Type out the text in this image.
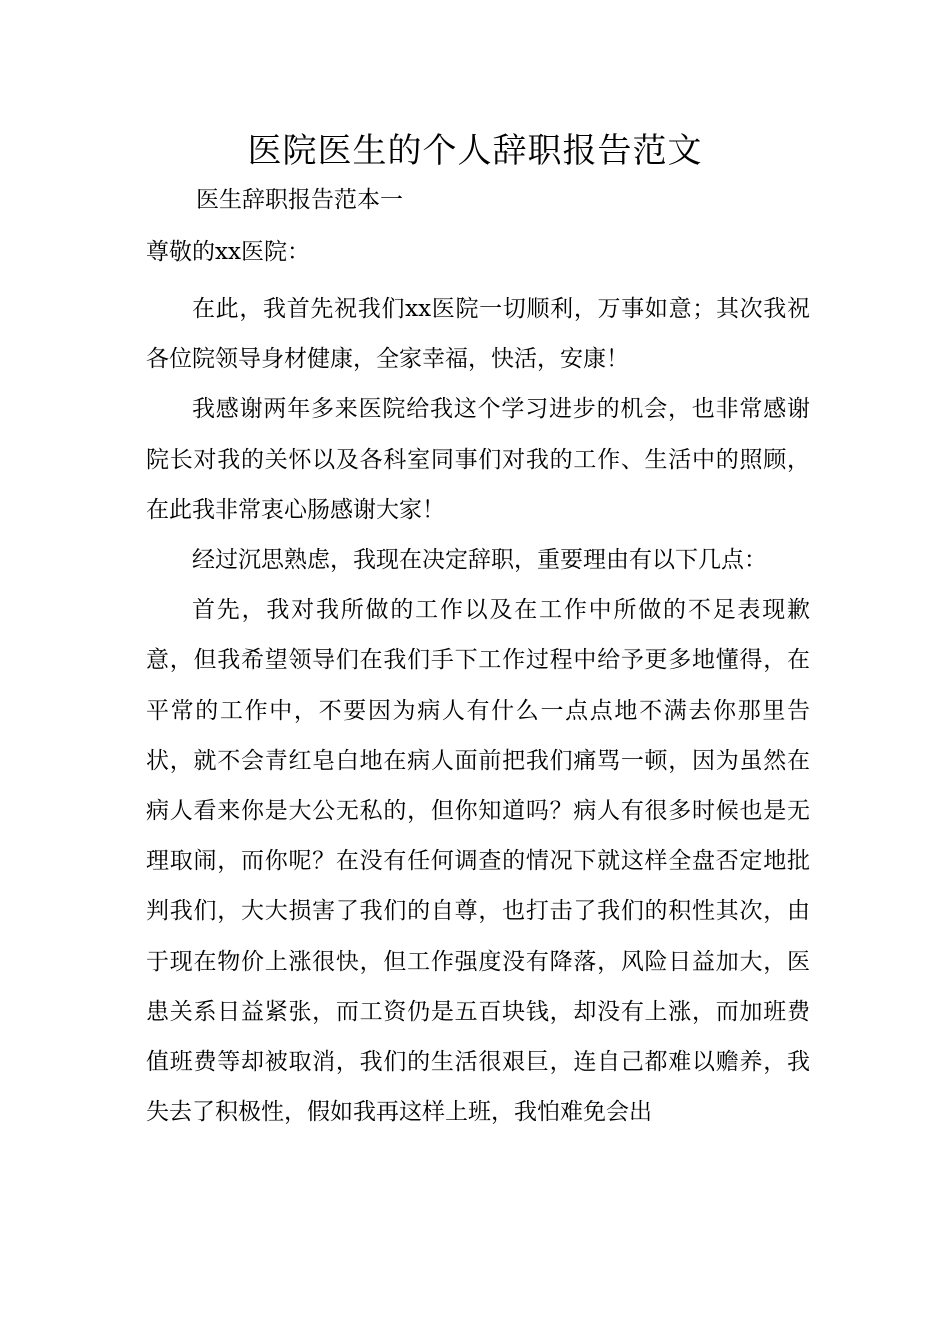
医院医生的个人辞职报告范文

医生辞职报告范本一

尊敬的xx医院：

在此，我首先祝我们xx医院一切顺利，万事如意；其次我祝各位院领导身材健康，全家幸福，快活，安康！

我感谢两年多来医院给我这个学习进步的机会，也非常感谢院长对我的关怀以及各科室同事们对我的工作、生活中的照顾，在此我非常衷心肠感谢大家！

经过沉思熟虑，我现在决定辞职，重要理由有以下几点：

首先，我对我所做的工作以及在工作中所做的不足表现歉意，但我希望领导们在我们手下工作过程中给予更多地懂得，在平常的工作中，不要因为病人有什么一点点地不满去你那里告状，就不会青红皂白地在病人面前把我们痛骂一顿，因为虽然在病人看来你是大公无私的，但你知道吗？病人有很多时候也是无理取闹，而你呢？在没有任何调查的情况下就这样全盘否定地批判我们，大大损害了我们的自尊，也打击了我们的积性其次，由于现在物价上涨很快，但工作强度没有降落，风险日益加大，医患关系日益紧张，而工资仍是五百块钱，却没有上涨，而加班费值班费等却被取消，我们的生活很艰巨，连自己都难以赡养，我失去了积极性，假如我再这样上班，我怕难免会出
